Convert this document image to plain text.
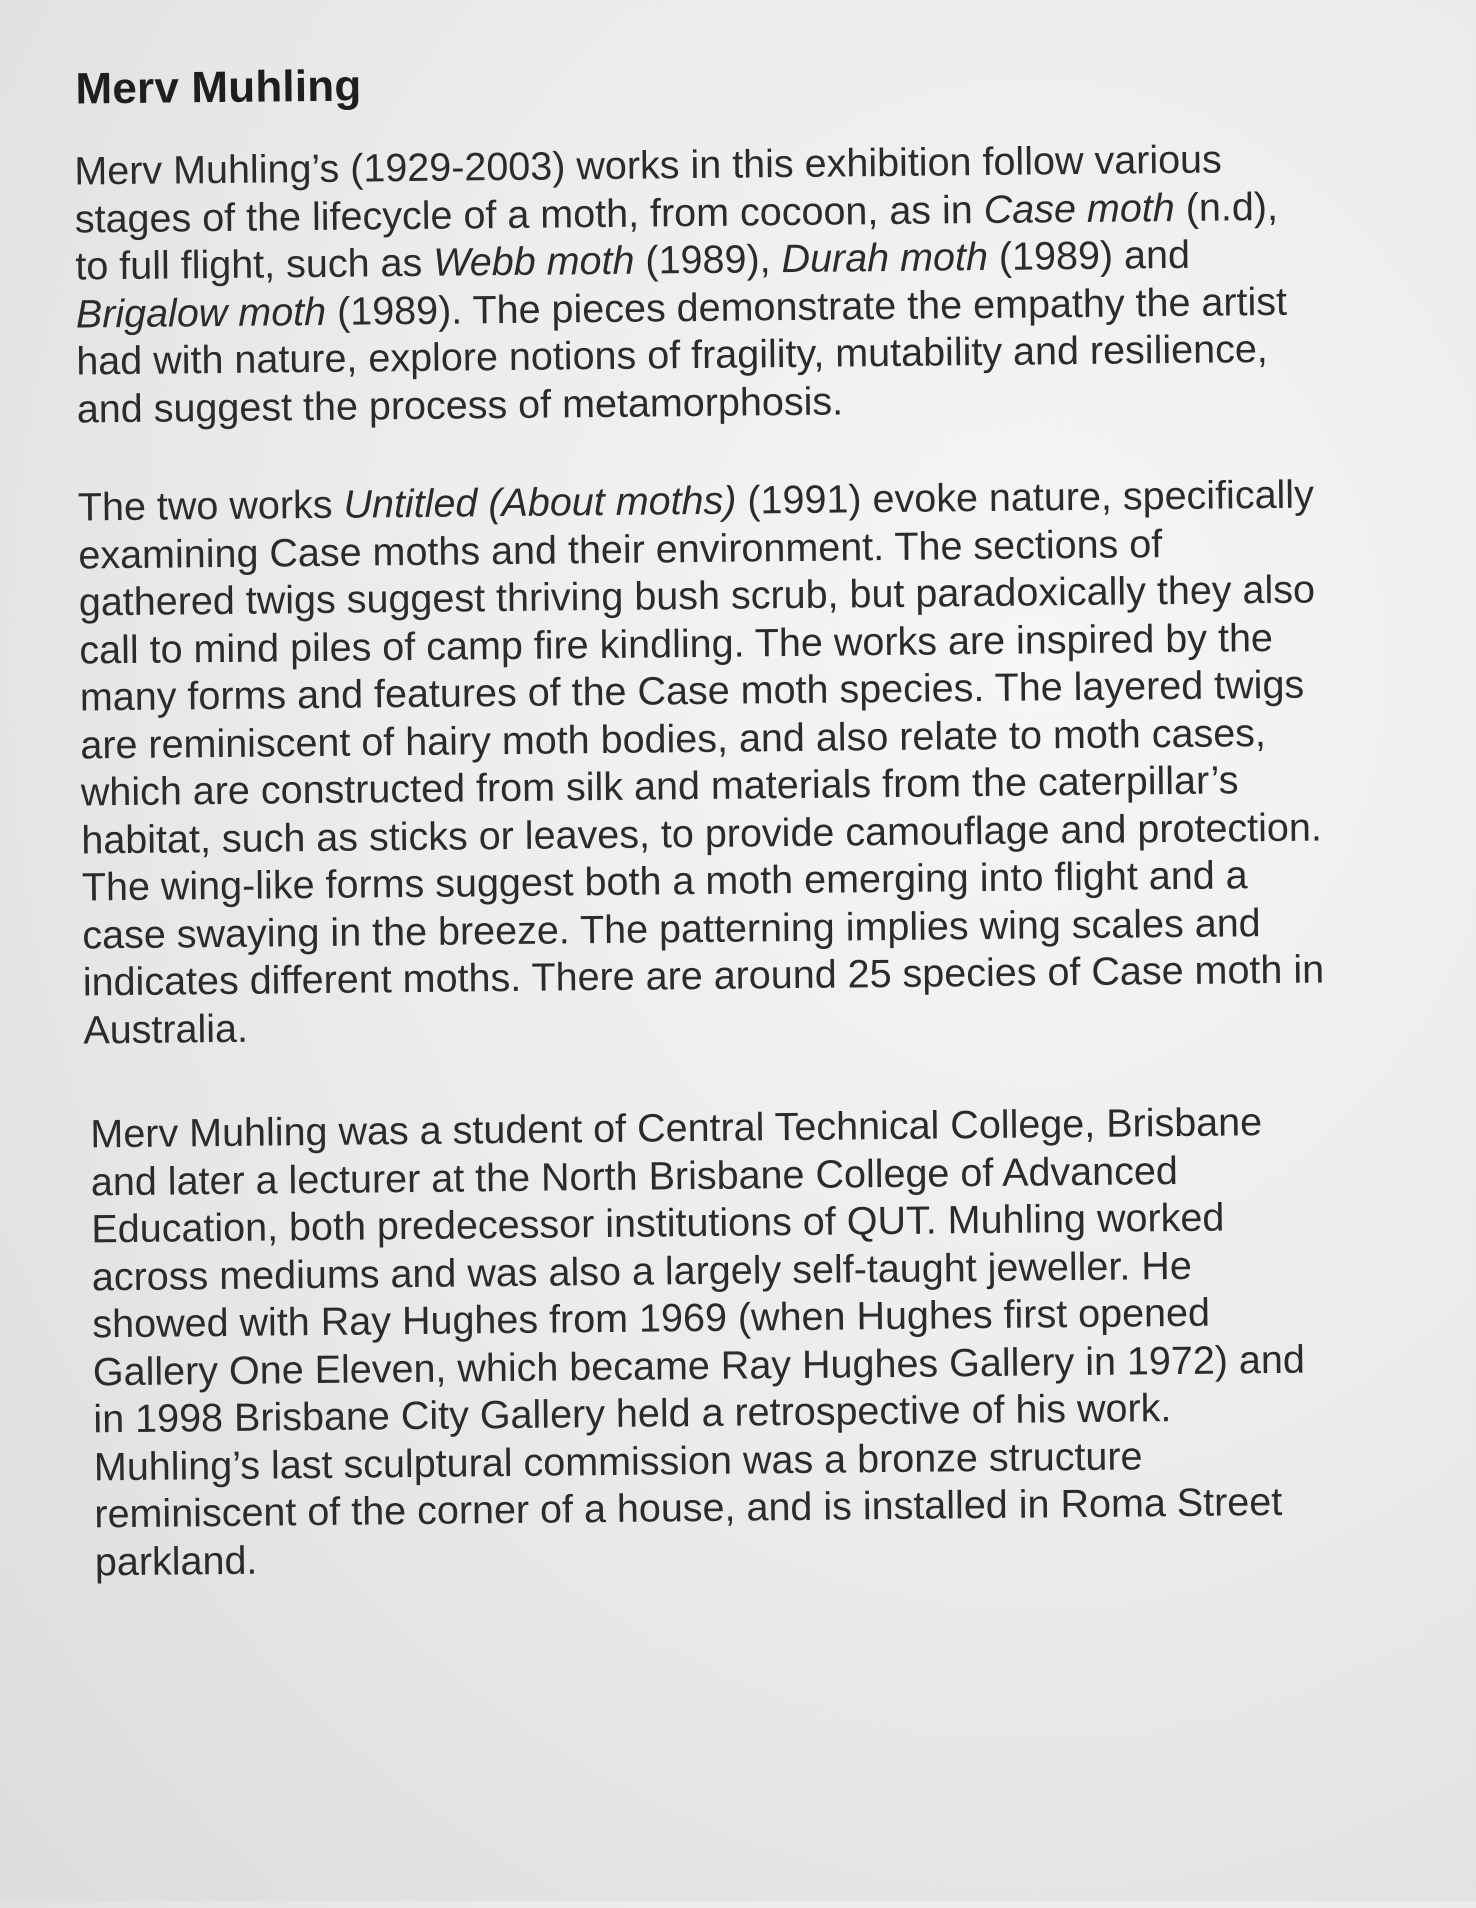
Merv Muhling

Merv Muhling’s (1929-2003) works in this exhibition follow various
stages of the lifecycle of a moth, from cocoon, as in Case moth (n.d),
to full flight, such as Webb moth (1989), Durah moth (1989) and
Brigalow moth (1989). The pieces demonstrate the empathy the artist
had with nature, explore notions of fragility, mutability and resilience,
and suggest the process of metamorphosis.

The two works Untitled (About moths) (1991) evoke nature, specifically
examining Case moths and their environment. The sections of
gathered twigs suggest thriving bush scrub, but paradoxically they also
call to mind piles of camp fire kindling. The works are inspired by the
many forms and features of the Case moth species. The layered twigs
are reminiscent of hairy moth bodies, and also relate to moth cases,
which are constructed from silk and materials from the caterpillar’s
habitat, such as sticks or leaves, to provide camouflage and protection.
The wing-like forms suggest both a moth emerging into flight and a
case swaying in the breeze. The patterning implies wing scales and
indicates different moths. There are around 25 species of Case moth in
Australia.

Merv Muhling was a student of Central Technical College, Brisbane
and later a lecturer at the North Brisbane College of Advanced
Education, both predecessor institutions of QUT. Muhling worked
across mediums and was also a largely self-taught jeweller. He
showed with Ray Hughes from 1969 (when Hughes first opened
Gallery One Eleven, which became Ray Hughes Gallery in 1972) and
in 1998 Brisbane City Gallery held a retrospective of his work.
Muhling’s last sculptural commission was a bronze structure
reminiscent of the corner of a house, and is installed in Roma Street
parkland.
